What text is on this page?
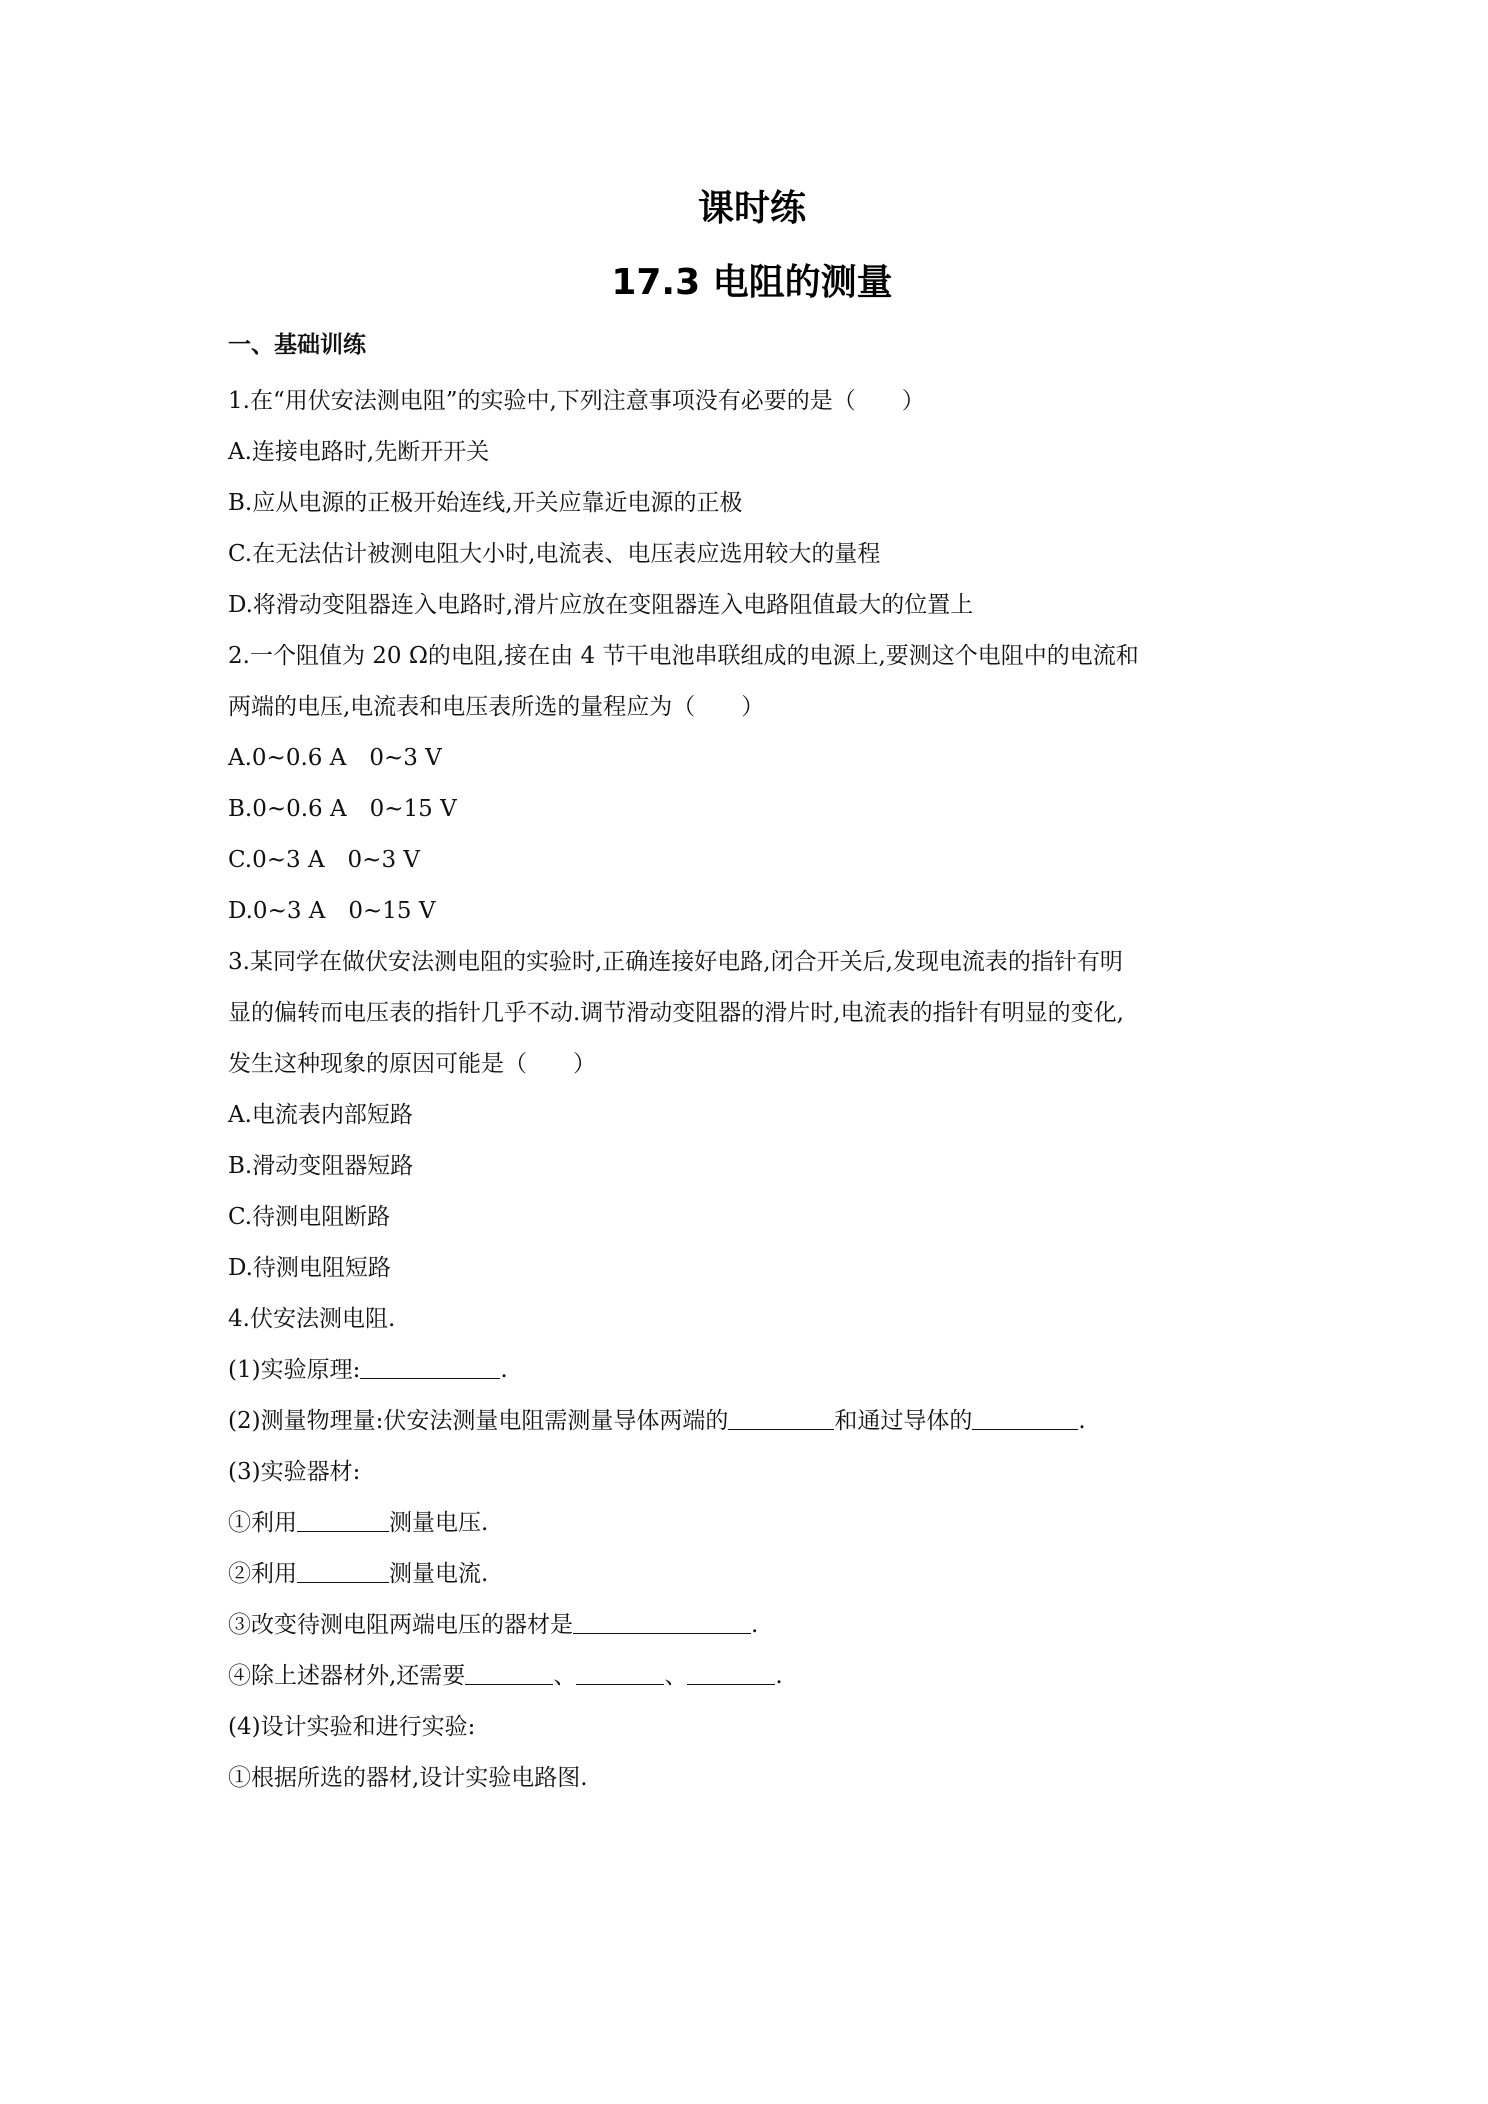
课时练
17.3 电阻的测量
一、基础训练
1.在“用伏安法测电阻”的实验中,下列注意事项没有必要的是（　　）
A.连接电路时,先断开开关
B.应从电源的正极开始连线,开关应靠近电源的正极
C.在无法估计被测电阻大小时,电流表、电压表应选用较大的量程
D.将滑动变阻器连入电路时,滑片应放在变阻器连入电路阻值最大的位置上
2.一个阻值为 20 Ω的电阻,接在由 4 节干电池串联组成的电源上,要测这个电阻中的电流和
两端的电压,电流表和电压表所选的量程应为（　　）
A.0~0.6 A　0~3 V
B.0~0.6 A　0~15 V
C.0~3 A　0~3 V
D.0~3 A　0~15 V
3.某同学在做伏安法测电阻的实验时,正确连接好电路,闭合开关后,发现电流表的指针有明
显的偏转而电压表的指针几乎不动.调节滑动变阻器的滑片时,电流表的指针有明显的变化,
发生这种现象的原因可能是（　　）
A.电流表内部短路
B.滑动变阻器短路
C.待测电阻断路
D.待测电阻短路
4.伏安法测电阻.
(1)实验原理:	.
(2)测量物理量:伏安法测量电阻需测量导体两端的	和通过导体的	.
(3)实验器材:
①利用	测量电压.
②利用	测量电流.
③改变待测电阻两端电压的器材是	.
④除上述器材外,还需要	、	、	.
(4)设计实验和进行实验:
①根据所选的器材,设计实验电路图.
